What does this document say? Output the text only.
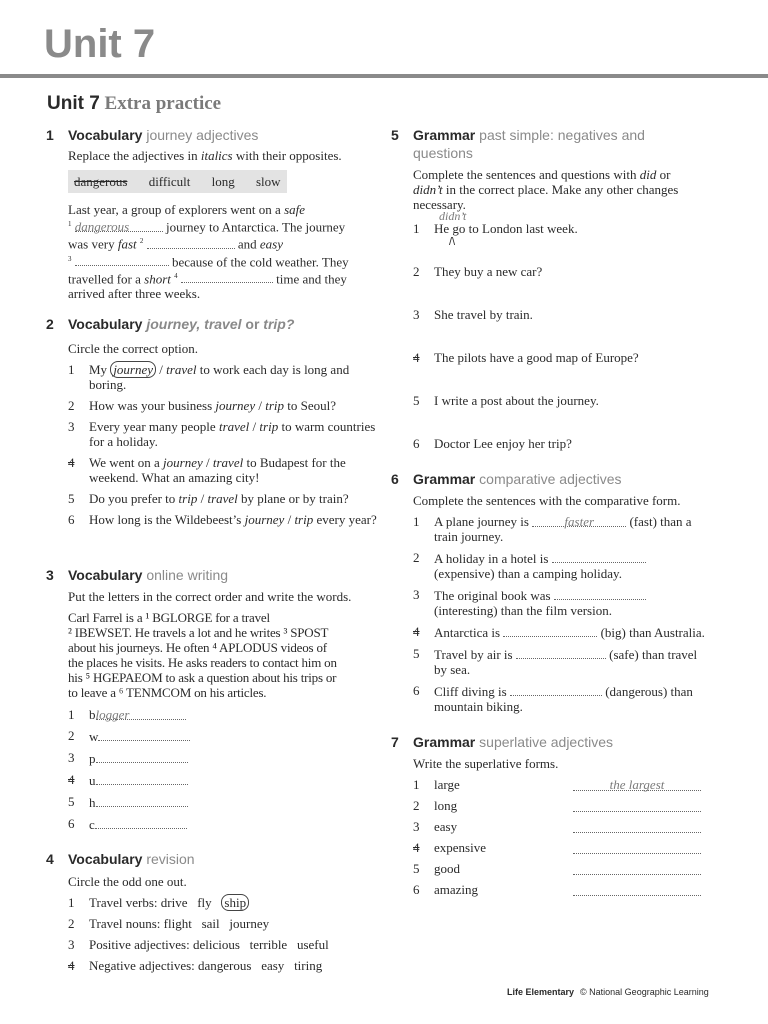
Unit 7
Unit 7 Extra practice
1 Vocabulary journey adjectives
Replace the adjectives in italics with their opposites.
dangerous difficult long slow
Last year, a group of explorers went on a safe
$^1$ dangerous	journey to Antarctica. The journey
was very fast $^2$	and easy
$^3$	because of the cold weather. They
travelled for a short $^4$	time and they
arrived after three weeks.
2 Vocabulary journey, travel or trip?
Circle the correct option.
1 My journey / travel to work each day is long and boring.
2 How was your business journey / trip to Seoul?
3 Every year many people travel / trip to warm countries for a holiday.
4 We went on a journey / travel to Budapest for the weekend. What an amazing city!
5 Do you prefer to trip / travel by plane or by train?
6 How long is the Wildebeest’s journey / trip every year?
3 Vocabulary online writing
Put the letters in the correct order and write the words.
Carl Farrel is a ¹ BGLORGE for a travel
² IBEWSET. He travels a lot and he writes ³ SPOST
about his journeys. He often ⁴ APLODUS videos of
the places he visits. He asks readers to contact him on
his ⁵ HGEPAEOM to ask a question about his trips or
to leave a ⁶ TENMCOM on his articles.
1 blogger
2 w
3 p
4 u
5 h
6 c
4 Vocabulary revision
Circle the odd one out.
1 Travel verbs: drive fly ship
2 Travel nouns: flight sail journey
3 Positive adjectives: delicious terrible useful
4 Negative adjectives: dangerous easy tiring
5 Grammar past simple: negatives and
questions
Complete the sentences and questions with did or
didn’t in the correct place. Make any other changes
necessary.
didn’t
/\
1 He go to London last week.
2 They buy a new car?
3 She travel by train.
4 The pilots have a good map of Europe?
5 I write a post about the journey.
6 Doctor Lee enjoy her trip?
6 Grammar comparative adjectives
Complete the sentences with the comparative form.
1 A plane journey is faster (fast) than a
train journey.
2 A holiday in a hotel is
(expensive) than a camping holiday.
3 The original book was
(interesting) than the film version.
4 Antarctica is	(big) than Australia.
5 Travel by air is	(safe) than travel
by sea.
6 Cliff diving is	(dangerous) than
mountain biking.
7 Grammar superlative adjectives
Write the superlative forms.
1 large	the largest
2 long
3 easy
4 expensive
5 good
6 amazing
Life Elementary © National Geographic Learning
